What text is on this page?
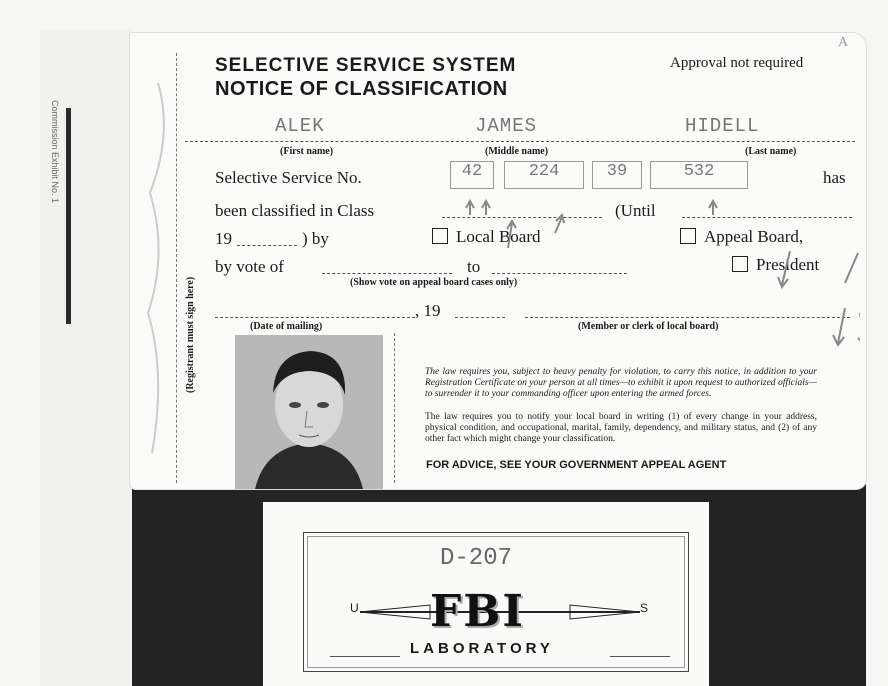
Commission Exhibit No. 1
(Registrant must sign here)
SELECTIVE SERVICE SYSTEM
NOTICE OF CLASSIFICATION
Approval not required
A
ALEK	JAMES	HIDELL
(First name)	(Middle name)	(Last name)
Selective Service No.	42	224	39	532	has
been classified in Class	(Until
19	) by	Local Board	Appeal Board,
by vote of	to	President
(Show vote on appeal board cases only)
, 19
(Date of mailing)	(Member or clerk of local board)
The law requires you, subject to heavy penalty for violation, to carry this notice, in addition to your Registration Certificate on your person at all times—to exhibit it upon request to authorized officials—to surrender it to your commanding officer upon entering the armed forces.
The law requires you to notify your local board in writing (1) of every change in your address, physical condition, and occupational, marital, family, dependency, and military status, and (2) of any other fact which might change your classification.
FOR ADVICE, SEE YOUR GOVERNMENT APPEAL AGENT
D-207
U	S
FBI
LABORATORY
